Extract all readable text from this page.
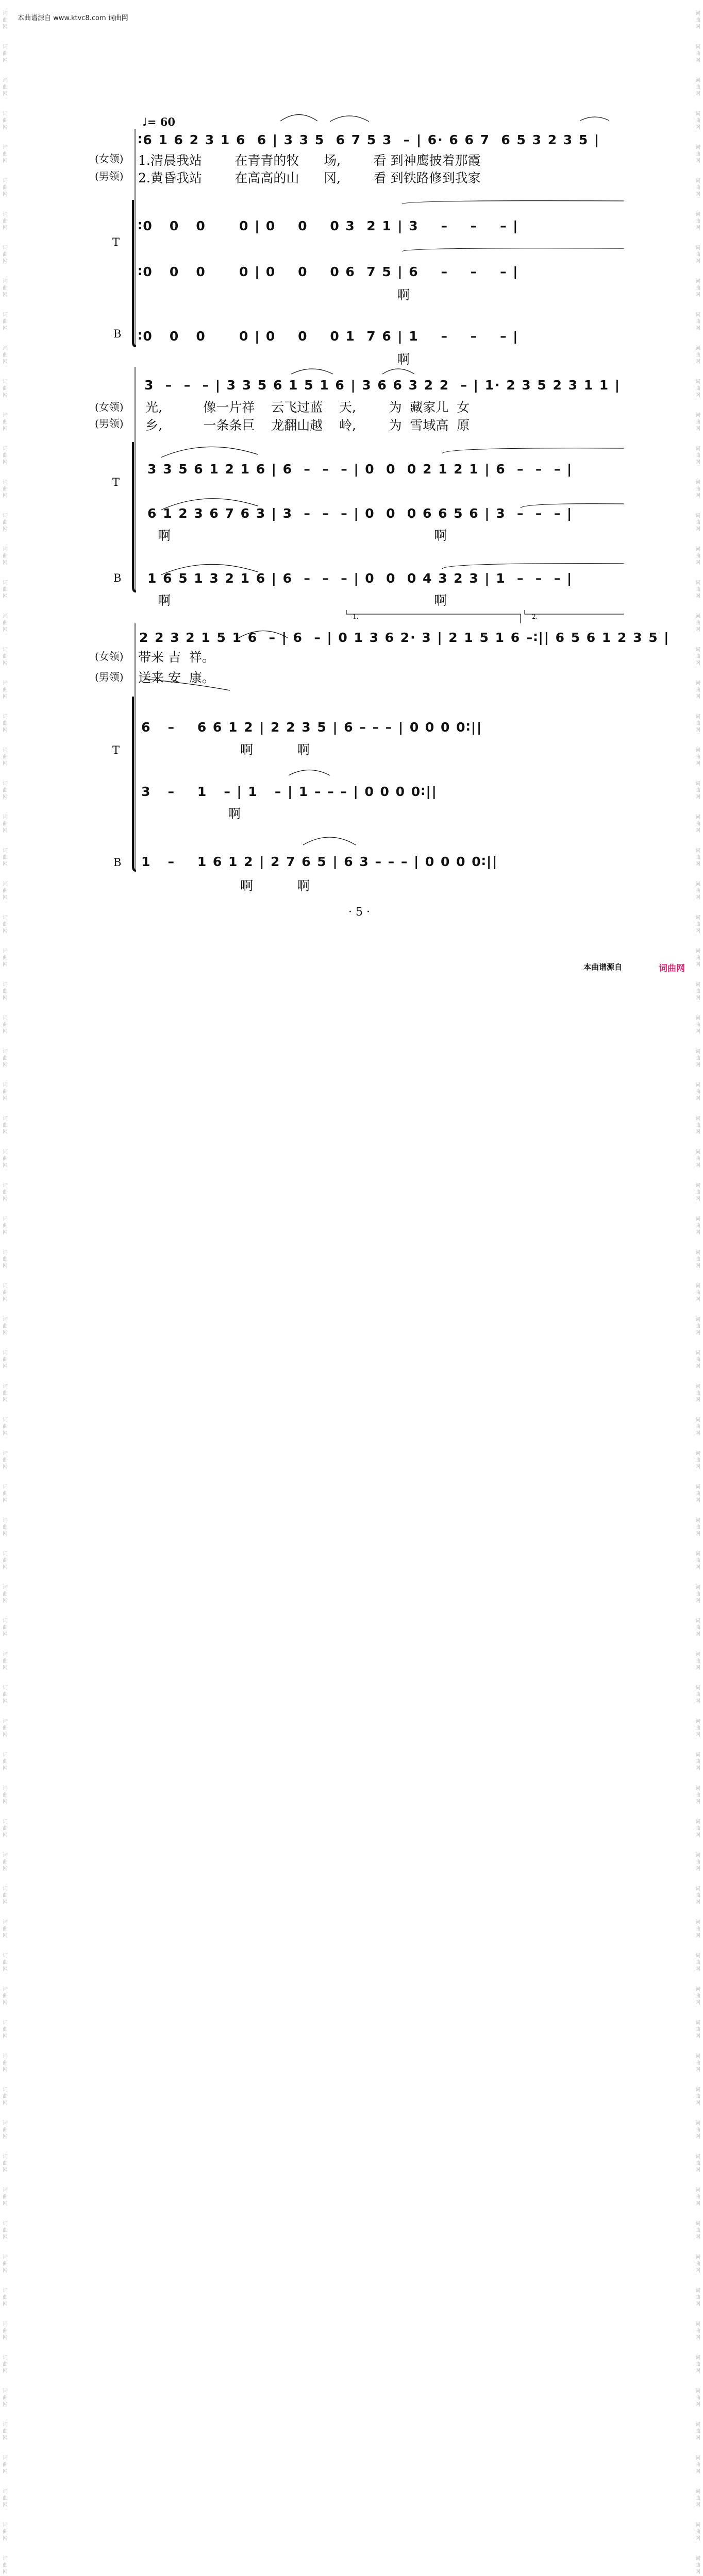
本曲谱源自 www.ktvc8.com 词曲网
词
曲
网

词
曲
网

词
曲
网

词
曲
网

词
曲
网

词
曲
网

词
曲
网

词
曲
网

词
曲
网

词
曲
网

词
曲
网

词
曲
网

词
曲
网

词
曲
网

词
曲
网

词
曲
网

词
曲
网

词
曲
网

词
曲
网

词
曲
网

词
曲
网

词
曲
网

词
曲
网

词
曲
网

词
曲
网

词
曲
网

词
曲
网

词
曲
网

词
曲
网

词
曲
网

词
曲
网

词
曲
网

词
曲
网

词
曲
网

词
曲
网

词
曲
网

词
曲
网

词
曲
网

词
曲
网

词
曲
网

词
曲
网

词
曲
网

词
曲
网

词
曲
网

词
曲
网

词
曲
网

词
曲
网

词
曲
网

词
曲
网

词
曲
网

词
曲
网

词
曲
网

词
曲
网

词
曲
网

词
曲
网

词
曲
网

词
曲
网

词
曲
网

词
曲
网

词
曲
网

词
曲
网

词
曲
网

词
曲
网

词
曲
网

词
曲
网

词
曲
网

词
曲
网

词
曲
网

词
曲
网

词
曲
网

词
曲
网

词
曲
网

词
曲
网

词
曲
网

词
曲
网

词
曲
网

词
曲
网

词
曲
网

词
曲
网

词
曲
网

词
曲
网

词
曲
网

词
曲
网

词
曲
网

词
曲
网

词
曲
网

词
曲
网

词
曲
网

词
曲
网

词
曲
网

词
曲
网

词
曲
网

词
曲
网

词
曲
网

词
曲
网

词
曲
网

词
曲
网

词
曲
网

词
曲
网

词
曲
网

词
曲
网

词
曲
网

词
曲
网

词
曲
网

词
曲
网

词
曲
网

词
曲
网

词
曲
网

词
曲
网

词
曲
网

词
曲
网

词
曲
网

词
曲
网

词
曲
网

词
曲
网

词
曲
网

词
曲
网

词
曲
网

词
曲
网

词
曲
网

词
曲
网

词
曲
网

词
曲
网

词
曲
网

词
曲
网

词
曲
网

词
曲
网

词
曲
网

词
曲
网

词
曲
网

词
曲
网

词
曲
网

词
曲
网

词
曲
网

词
曲
网

词
曲
网

词
曲
网

词
曲
网

词
曲
网

词
曲
网

词
曲
网

词
曲
网

词
曲
网

词
曲
网

词
曲
网

词
曲
网

词
曲
网

词
曲
网

词
曲
网

词
曲
网

词
曲
网

词
曲
网

词
曲
网

词
曲
网

♩= 60
∶6 1 6 2 3 1 6  6 | 3 3 5  6 7 5 3  – | 6· 6 6 7  6 5 3 2 3 5 |
(女领)
(男领)
1.清晨我站        在青青的牧      场,        看 到神鹰披着那霞
2.黄昏我站        在高高的山      冈,        看 到铁路修到我家
T
∶0   0   0      0 | 0    0    0 3  2 1 | 3    –    –    – |
∶0   0   0      0 | 0    0    0 6  7 5 | 6    –    –    – |
啊
B ∶0   0   0      0 | 0    0    0 1  7 6 | 1    –    –    – |
啊
3  –  –  – | 3 3 5 6 1 5 1 6 | 3 6 6 3 2 2  – | 1· 2 3 5 2 3 1 1 |
(女领)
(男领)
光,          像一片祥    云飞过蓝    天,        为  藏家儿  女
乡,          一条条巨    龙翻山越    岭,        为  雪域高  原
T
3 3 5 6 1 2 1 6 | 6  –  –  – | 0  0  0 2 1 2 1 | 6  –  –  – |
6 1 2 3 6 7 6 3 | 3  –  –  – | 0  0  0 6 6 5 6 | 3  –  –  – |
啊	啊
B 1 6 5 1 3 2 1 6 | 6  –  –  – | 0  0  0 4 3 2 3 | 1  –  –  – |
啊	啊
1.	2.
2 2 3 2 1 5 1 6  – | 6  – | 0 1 3 6 2· 3 | 2 1 5 1 6 –∶|| 6 5 6 1 2 3 5 |
(女领)
(男领)
带来 吉  祥。
送来 安  康。
T
6   –    6 6 1 2 | 2 2 3 5 | 6 – – – | 0 0 0 0∶||
啊	啊
3   –    1   – | 1   – | 1 – – – | 0 0 0 0∶||
啊
B 1   –    1 6 1 2 | 2 7 6 5 | 6 3 – – – | 0 0 0 0∶||
啊	啊
· 5 ·
本曲谱源自	词曲网
